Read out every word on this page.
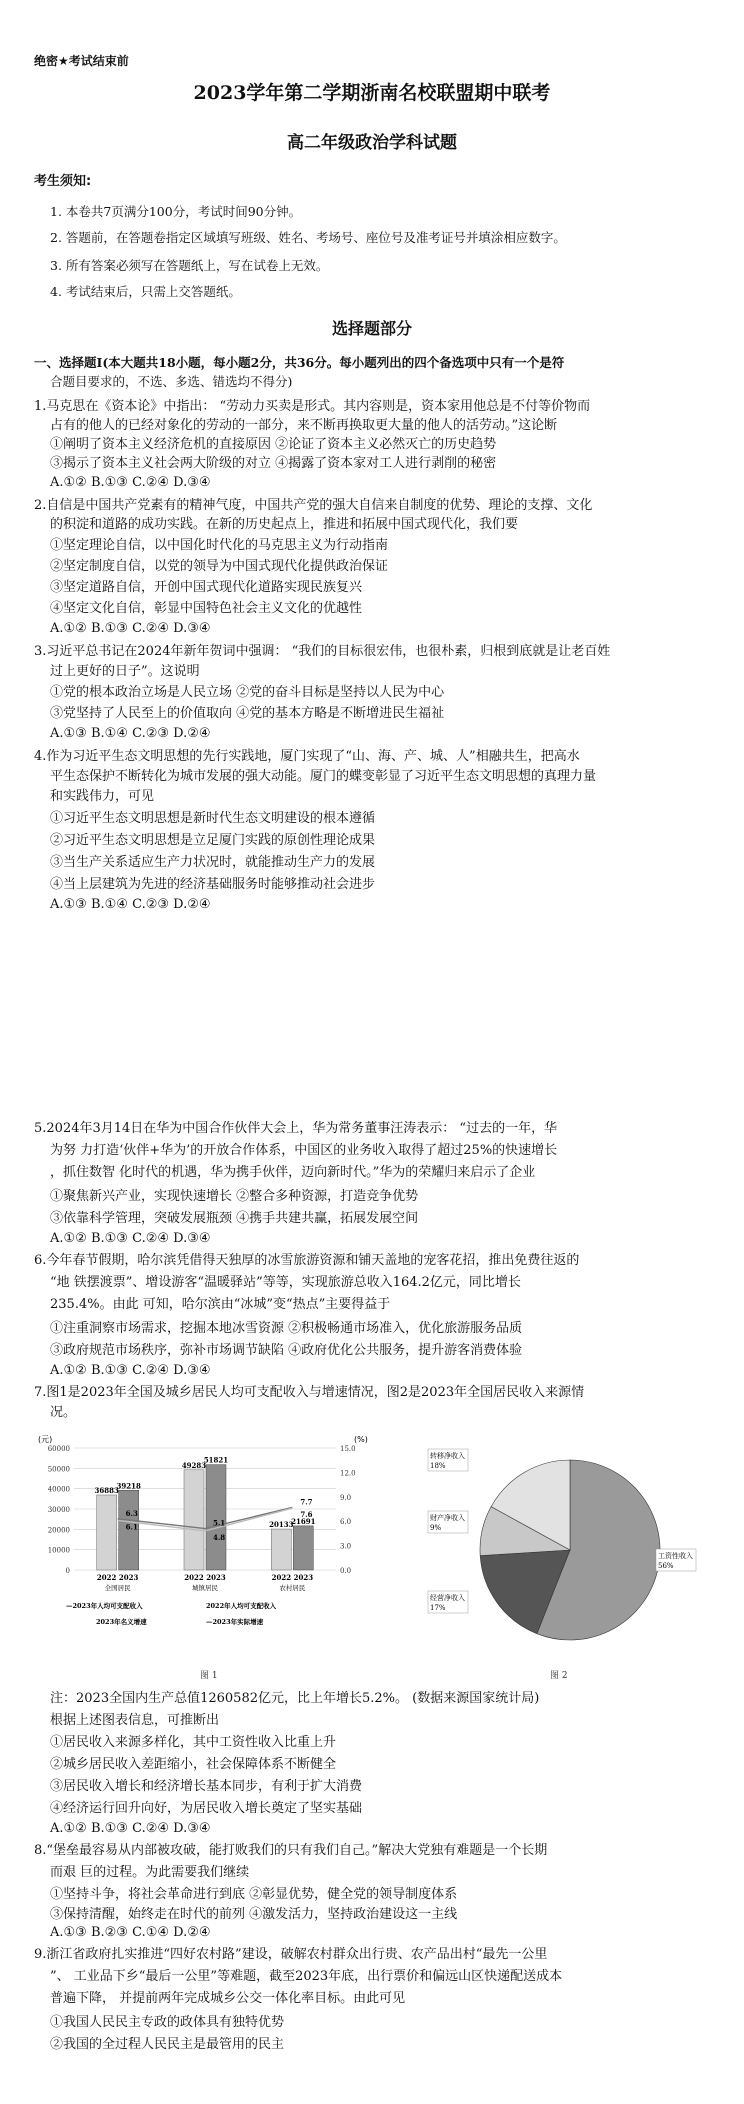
绝密★考试结束前
2023学年第二学期浙南名校联盟期中联考
高二年级政治学科试题
考生须知:
1. 本卷共7页满分100分，考试时间90分钟。
2. 答题前，在答题卷指定区域填写班级、姓名、考场号、座位号及准考证号并填涂相应数字。
3. 所有答案必须写在答题纸上，写在试卷上无效。
4. 考试结束后，只需上交答题纸。
选择题部分
一、选择题Ⅰ(本大题共18小题，每小题2分，共36分。每小题列出的四个备选项中只有一个是符
合题目要求的，不选、多选、错选均不得分)
1.马克思在《资本论》中指出： “劳动力买卖是形式。其内容则是，资本家用他总是不付等价物而
占有的他人的已经对象化的劳动的一部分，来不断再换取更大量的他人的活劳动。”这论断
①阐明了资本主义经济危机的直接原因 ②论证了资本主义必然灭亡的历史趋势
③揭示了资本主义社会两大阶级的对立 ④揭露了资本家对工人进行剥削的秘密
A.①② B.①③ C.②④ D.③④
2.自信是中国共产党素有的精神气度，中国共产党的强大自信来自制度的优势、理论的支撑、文化
的积淀和道路的成功实践。在新的历史起点上，推进和拓展中国式现代化，我们要
①坚定理论自信，以中国化时代化的马克思主义为行动指南
②坚定制度自信，以党的领导为中国式现代化提供政治保证
③坚定道路自信，开创中国式现代化道路实现民族复兴
④坚定文化自信，彰显中国特色社会主义文化的优越性
A.①② B.①③ C.②④ D.③④
3.习近平总书记在2024年新年贺词中强调： “我们的目标很宏伟，也很朴素，归根到底就是让老百姓
过上更好的日子”。这说明
①党的根本政治立场是人民立场 ②党的奋斗目标是坚持以人民为中心
③党坚持了人民至上的价值取向 ④党的基本方略是不断增进民生福祉
A.①③ B.①④ C.②③ D.②④
4.作为习近平生态文明思想的先行实践地，厦门实现了“山、海、产、城、人”相融共生，把高水
平生态保护不断转化为城市发展的强大动能。厦门的蝶变彰显了习近平生态文明思想的真理力量
和实践伟力，可见
①习近平生态文明思想是新时代生态文明建设的根本遵循
②习近平生态文明思想是立足厦门实践的原创性理论成果
③当生产关系适应生产力状况时，就能推动生产力的发展
④当上层建筑为先进的经济基础服务时能够推动社会进步
A.①③ B.①④ C.②③ D.②④
5.2024年3月14日在华为中国合作伙伴大会上，华为常务董事汪涛表示： “过去的一年，华
为努 力打造‘伙伴+华为’的开放合作体系，中国区的业务收入取得了超过25%的快速增长
，抓住数智 化时代的机遇，华为携手伙伴，迈向新时代。”华为的荣耀归来启示了企业
①聚焦新兴产业，实现快速增长 ②整合多种资源，打造竞争优势
③依靠科学管理，突破发展瓶颈 ④携手共建共赢，拓展发展空间
A.①② B.①③ C.②④ D.③④
6.今年春节假期，哈尔滨凭借得天独厚的冰雪旅游资源和铺天盖地的宠客花招，推出免费往返的
“地 铁摆渡票”、增设游客“温暖驿站”等等，实现旅游总收入164.2亿元，同比增长
235.4%。由此 可知，哈尔滨由“冰城”变“热点”主要得益于
①注重洞察市场需求，挖掘本地冰雪资源 ②积极畅通市场准入，优化旅游服务品质
③政府规范市场秩序，弥补市场调节缺陷 ④政府优化公共服务，提升游客消费体验
A.①② B.①③ C.②④ D.③④
7.图1是2023年全国及城乡居民人均可支配收入与增速情况，图2是2023年全国居民收入来源情
况。
(元)	(%)
60000
50000
40000
30000
20000
10000
0
15.0
12.0
9.0
6.0
3.0
0.0
36883
39218
2022 2023
全国居民
49283
51821
2022 2023
城镇居民
20133
21691
2022 2023
农村居民
6.3
5.1
7.7
6.1
4.8
7.6
—2023年人均可支配收入	2022年人均可支配收入
2023年名义增速	—2023年实际增速
图 1
工资性收入
56%
转移净收入
18%
财产净收入
9%
经营净收入
17%
图 2
注：2023全国内生产总值1260582亿元，比上年增长5.2%。 (数据来源国家统计局)
根据上述图表信息，可推断出
①居民收入来源多样化，其中工资性收入比重上升
②城乡居民收入差距缩小，社会保障体系不断健全
③居民收入增长和经济增长基本同步，有利于扩大消费
④经济运行回升向好，为居民收入增长奠定了坚实基础
A.①② B.①③ C.②④ D.③④
8.“堡垒最容易从内部被攻破，能打败我们的只有我们自己。”解决大党独有难题是一个长期
而艰 巨的过程。为此需要我们继续
①坚持斗争，将社会革命进行到底 ②彰显优势，健全党的领导制度体系
③保持清醒，始终走在时代的前列 ④激发活力，坚持政治建设这一主线
A.①③ B.②③ C.①④ D.②④
9.浙江省政府扎实推进“四好农村路”建设，破解农村群众出行贵、农产品出村“最先一公里
”、 工业品下乡“最后一公里”等难题，截至2023年底，出行票价和偏远山区快递配送成本
普遍下降， 并提前两年完成城乡公交一体化率目标。由此可见
①我国人民民主专政的政体具有独特优势
②我国的全过程人民民主是最管用的民主
